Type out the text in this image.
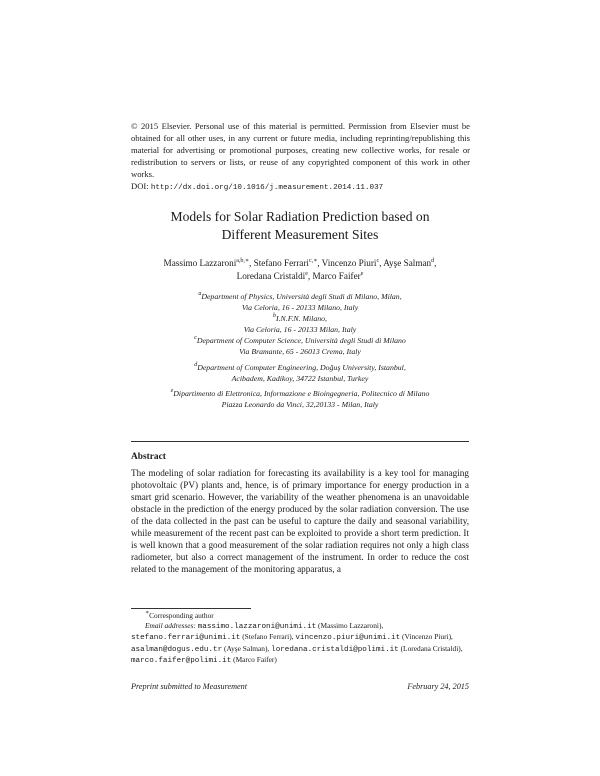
© 2015 Elsevier. Personal use of this material is permitted. Permission from Elsevier must be obtained for all other uses, in any current or future media, including reprinting/republishing this material for advertising or promotional purposes, creating new collective works, for resale or redistribution to servers or lists, or reuse of any copyrighted component of this work in other works.
DOI: http://dx.doi.org/10.1016/j.measurement.2014.11.037
Models for Solar Radiation Prediction based on
Different Measurement Sites
Massimo Lazzaroni$^{a,b,∗}$, Stefano Ferrari$^{c,∗}$, Vincenzo Piuri$^c$, Ayşe Salman$^d$,
Loredana Cristaldi$^e$, Marco Faifer$^e$
$^a$Department of Physics, Università degli Studi di Milano, Milan,
Via Celoria, 16 - 20133 Milano, Italy
$^b$I.N.F.N. Milano,
Via Celoria, 16 - 20133 Milan, Italy
$^c$Department of Computer Science, Università degli Studi di Milano
Via Bramante, 65 - 26013 Crema, Italy
$^d$Department of Computer Engineering, Doğuş University, Istanbul,
Acibadem, Kadikoy, 34722 Istanbul, Turkey
$^e$Dipartimento di Elettronica, Informazione e Bioingegneria, Politecnico di Milano
Piazza Leonardo da Vinci, 32,20133 - Milan, Italy
Abstract
The modeling of solar radiation for forecasting its availability is a key tool for managing photovoltaic (PV) plants and, hence, is of primary importance for energy production in a smart grid scenario. However, the variability of the weather phenomena is an unavoidable obstacle in the prediction of the energy produced by the solar radiation conversion. The use of the data collected in the past can be useful to capture the daily and seasonal variability, while measurement of the recent past can be exploited to provide a short term prediction. It is well known that a good measurement of the solar radiation requires not only a high class radiometer, but also a correct management of the instrument. In order to reduce the cost related to the management of the monitoring apparatus, a
∗Corresponding author
Email addresses: massimo.lazzaroni@unimi.it (Massimo Lazzaroni),
stefano.ferrari@unimi.it (Stefano Ferrari), vincenzo.piuri@unimi.it (Vincenzo Piuri),
asalman@dogus.edu.tr (Ayşe Salman), loredana.cristaldi@polimi.it (Loredana Cristaldi),
marco.faifer@polimi.it (Marco Faifer)
Preprint submitted to Measurement	February 24, 2015
